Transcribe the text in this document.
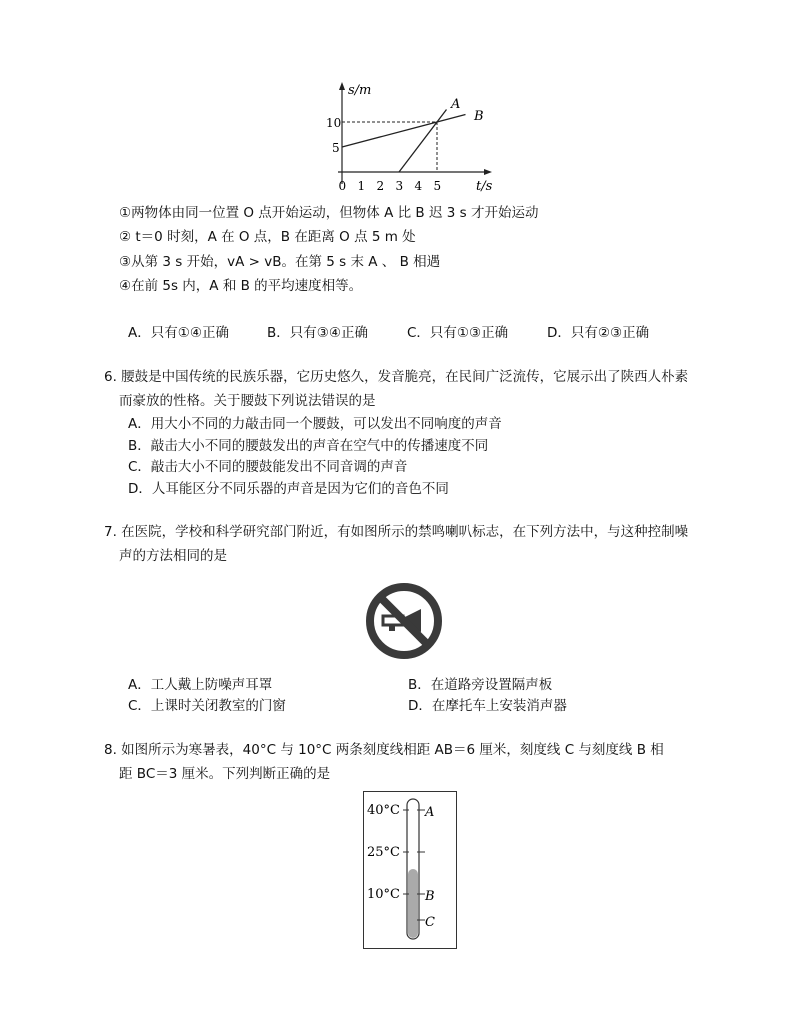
s/m
t/s
10
5
0 1 2 3 4 5
A
B
①两物体由同一位置 O 点开始运动，但物体 A 比 B 迟 3 s 才开始运动
② t＝0 时刻，A 在 O 点，B 在距离 O 点 5 m 处
③从第 3 s 开始，vA > vB。在第 5 s 末 A 、 B 相遇
④在前 5s 内，A 和 B 的平均速度相等。
A．只有①④正确	B．只有③④正确	C．只有①③正确	D．只有②③正确
6. 腰鼓是中国传统的民族乐器，它历史悠久，发音脆亮，在民间广泛流传，它展示出了陕西人朴素
而豪放的性格。关于腰鼓下列说法错误的是
A．用大小不同的力敲击同一个腰鼓，可以发出不同响度的声音
B．敲击大小不同的腰鼓发出的声音在空气中的传播速度不同
C．敲击大小不同的腰鼓能发出不同音调的声音
D．人耳能区分不同乐器的声音是因为它们的音色不同
7. 在医院，学校和科学研究部门附近，有如图所示的禁鸣喇叭标志，在下列方法中，与这种控制噪
声的方法相同的是
A．工人戴上防噪声耳罩	B．在道路旁设置隔声板
C．上课时关闭教室的门窗	D．在摩托车上安装消声器
8. 如图所示为寒暑表，40°C 与 10°C 两条刻度线相距 AB＝6 厘米，刻度线 C 与刻度线 B 相
距 BC＝3 厘米。下列判断正确的是
40°C
25°C
10°C
A
B
C
